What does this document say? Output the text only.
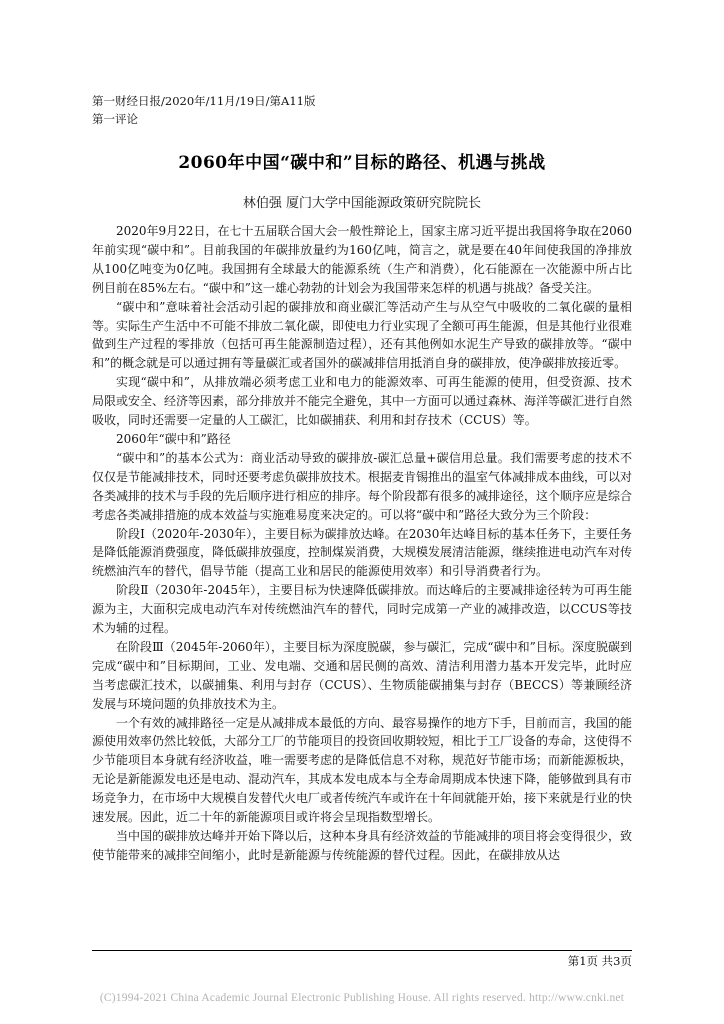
第一财经日报/2020年/11月/19日/第A11版
第一评论
2060年中国“碳中和”目标的路径、机遇与挑战
林伯强 厦门大学中国能源政策研究院院长

2020年9月22日，在七十五届联合国大会一般性辩论上，国家主席习近平提出我国将争取在2060年前实现“碳中和”。目前我国的年碳排放量约为160亿吨，简言之，就是要在40年间使我国的净排放从100亿吨变为0亿吨。我国拥有全球最大的能源系统（生产和消费），化石能源在一次能源中所占比例目前在85%左右。“碳中和”这一雄心勃勃的计划会为我国带来怎样的机遇与挑战？备受关注。

“碳中和”意味着社会活动引起的碳排放和商业碳汇等活动产生与从空气中吸收的二氧化碳的量相等。实际生产生活中不可能不排放二氧化碳，即使电力行业实现了全额可再生能源，但是其他行业很难做到生产过程的零排放（包括可再生能源制造过程），还有其他例如水泥生产导致的碳排放等。“碳中和”的概念就是可以通过拥有等量碳汇或者国外的碳减排信用抵消自身的碳排放，使净碳排放接近零。

实现“碳中和”，从排放端必须考虑工业和电力的能源效率、可再生能源的使用，但受资源、技术局限或安全、经济等因素，部分排放并不能完全避免，其中一方面可以通过森林、海洋等碳汇进行自然吸收，同时还需要一定量的人工碳汇，比如碳捕获、利用和封存技术（CCUS）等。

2060年“碳中和”路径

“碳中和”的基本公式为：商业活动导致的碳排放-碳汇总量+碳信用总量。我们需要考虑的技术不仅仅是节能减排技术，同时还要考虑负碳排放技术。根据麦肯锡推出的温室气体减排成本曲线，可以对各类减排的技术与手段的先后顺序进行相应的排序。每个阶段都有很多的减排途径，这个顺序应是综合考虑各类减排措施的成本效益与实施难易度来决定的。可以将“碳中和”路径大致分为三个阶段：

阶段Ⅰ（2020年-2030年），主要目标为碳排放达峰。在2030年达峰目标的基本任务下，主要任务是降低能源消费强度，降低碳排放强度，控制煤炭消费，大规模发展清洁能源，继续推进电动汽车对传统燃油汽车的替代，倡导节能（提高工业和居民的能源使用效率）和引导消费者行为。

阶段Ⅱ（2030年-2045年），主要目标为快速降低碳排放。而达峰后的主要减排途径转为可再生能源为主，大面积完成电动汽车对传统燃油汽车的替代，同时完成第一产业的减排改造，以CCUS等技术为辅的过程。

在阶段Ⅲ（2045年-2060年），主要目标为深度脱碳，参与碳汇，完成“碳中和”目标。深度脱碳到完成“碳中和”目标期间，工业、发电端、交通和居民侧的高效、清洁利用潜力基本开发完毕，此时应当考虑碳汇技术，以碳捕集、利用与封存（CCUS）、生物质能碳捕集与封存（BECCS）等兼顾经济发展与环境问题的负排放技术为主。

一个有效的减排路径一定是从减排成本最低的方向、最容易操作的地方下手，目前而言，我国的能源使用效率仍然比较低，大部分工厂的节能项目的投资回收期较短，相比于工厂设备的寿命，这使得不少节能项目本身就有经济收益，唯一需要考虑的是降低信息不对称，规范好节能市场；而新能源板块，无论是新能源发电还是电动、混动汽车，其成本发电成本与全寿命周期成本快速下降，能够做到具有市场竞争力，在市场中大规模自发替代火电厂或者传统汽车或许在十年间就能开始，接下来就是行业的快速发展。因此，近二十年的新能源项目或许将会呈现指数型增长。

当中国的碳排放达峰并开始下降以后，这种本身具有经济效益的节能减排的项目将会变得很少，致使节能带来的减排空间缩小，此时是新能源与传统能源的替代过程。因此，在碳排放从达

第1页 共3页
(C)1994-2021 China Academic Journal Electronic Publishing House. All rights reserved. http://www.cnki.net
